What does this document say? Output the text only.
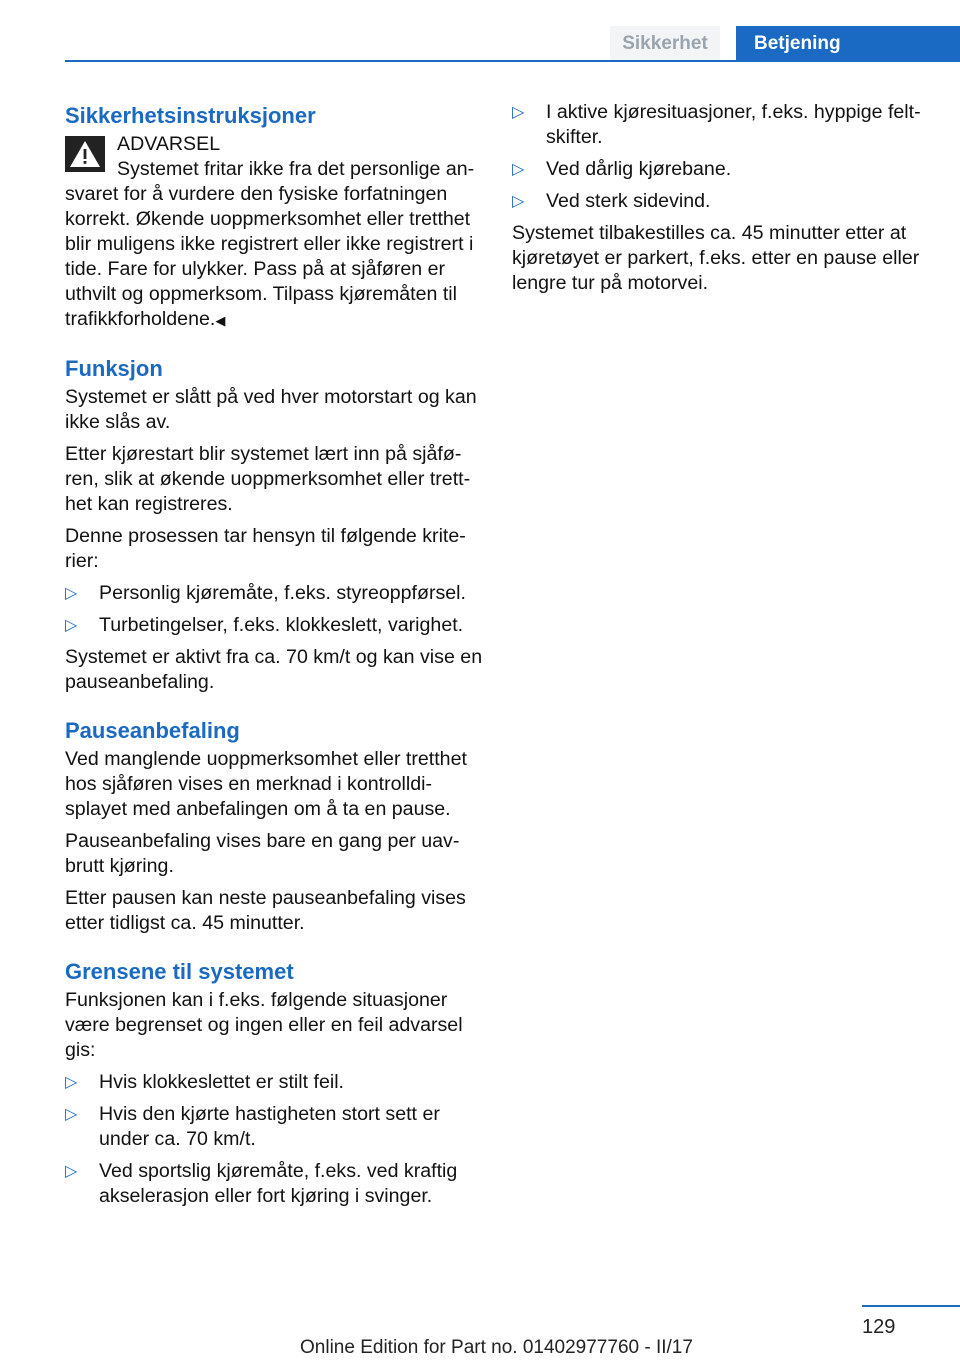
Sikkerhet	Betjening
Sikkerhetsinstruksjoner
ADVARSEL

Systemet fritar ikke fra det personlige ansvaret for å vurdere den fysiske forfatningen korrekt. Økende uoppmerksomhet eller tretthet blir muligens ikke registrert eller ikke registrert i tide. Fare for ulykker. Pass på at sjåføren er uthvilt og oppmerksom. Tilpass kjøremåten til trafikkforholdene.◀

Funksjon

Systemet er slått på ved hver motorstart og kan ikke slås av.

Etter kjørestart blir systemet lært inn på sjåføren, slik at økende uoppmerksomhet eller tretthet kan registreres.

Denne prosessen tar hensyn til følgende kriterier:

▷ Personlig kjøremåte, f.eks. styreoppførsel.
▷ Turbetingelser, f.eks. klokkeslett, varighet.

Systemet er aktivt fra ca. 70 km/t og kan vise en pauseanbefaling.

Pauseanbefaling

Ved manglende uoppmerksomhet eller tretthet hos sjåføren vises en merknad i kontrolldisplayet med anbefalingen om å ta en pause.

Pauseanbefaling vises bare en gang per uavbrutt kjøring.

Etter pausen kan neste pauseanbefaling vises etter tidligst ca. 45 minutter.

Grensene til systemet

Funksjonen kan i f.eks. følgende situasjoner være begrenset og ingen eller en feil advarsel gis:

▷ Hvis klokkeslettet er stilt feil.
▷ Hvis den kjørte hastigheten stort sett er under ca. 70 km/t.
▷ Ved sportslig kjøremåte, f.eks. ved kraftig akselerasjon eller fort kjøring i svinger.
▷ I aktive kjøresituasjoner, f.eks. hyppige feltskifter.
▷ Ved dårlig kjørebane.
▷ Ved sterk sidevind.

Systemet tilbakestilles ca. 45 minutter etter at kjøretøyet er parkert, f.eks. etter en pause eller lengre tur på motorvei.

129
Online Edition for Part no. 01402977760 - II/17
